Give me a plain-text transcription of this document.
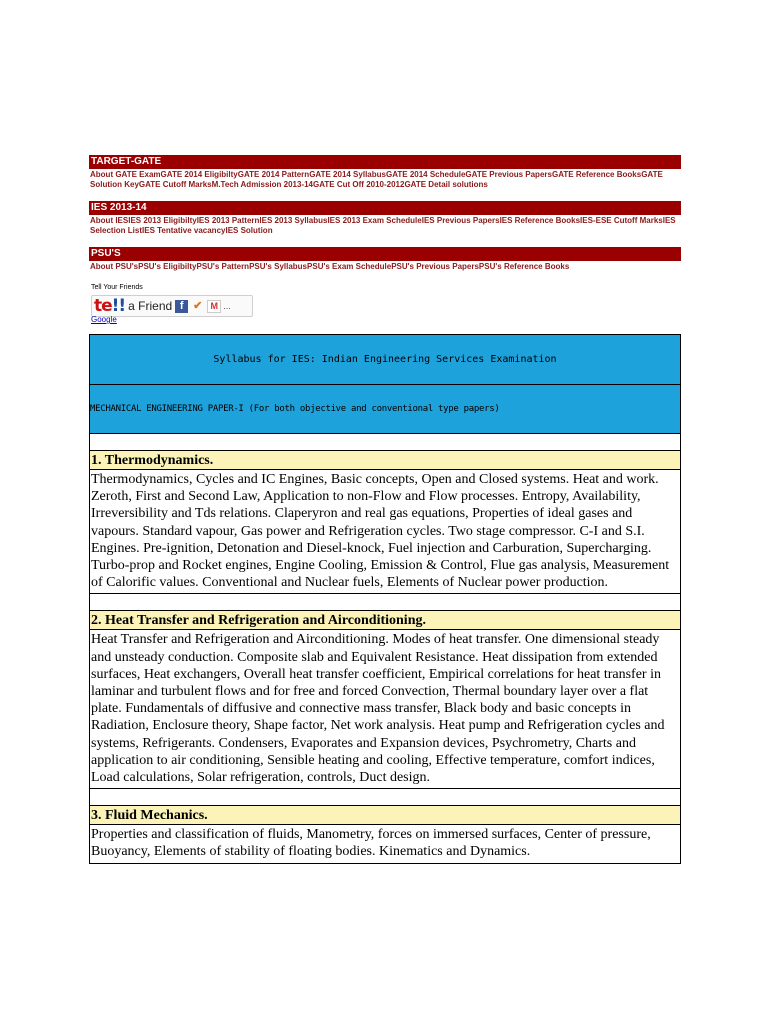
TARGET-GATE
About GATE ExamGATE 2014 EligibiltyGATE 2014 PatternGATE 2014 SyllabusGATE 2014 ScheduleGATE Previous PapersGATE Reference BooksGATE Solution KeyGATE Cutoff MarksM.Tech Admission 2013-14GATE Cut Off 2010-2012GATE Detail solutions
IES 2013-14
About IESIES 2013 EligibiltyIES 2013 PatternIES 2013 SyllabusIES 2013 Exam ScheduleIES Previous PapersIES Reference BooksIES-ESE Cutoff MarksIES Selection ListIES Tentative vacancyIES Solution
PSU'S
About PSU'sPSU's EligibiltyPSU's PatternPSU's SyllabusPSU's Exam SchedulePSU's Previous PapersPSU's Reference Books
Tell Your Friends
te!! a Friend f ✔ M ...
Google
Syllabus for IES: Indian Engineering Services Examination
MECHANICAL ENGINEERING PAPER-I (For both objective and conventional type papers)
1. Thermodynamics.
Thermodynamics, Cycles and IC Engines, Basic concepts, Open and Closed systems. Heat and work. Zeroth, First and Second Law, Application to non-Flow and Flow processes. Entropy, Availability, Irreversibility and Tds relations. Claperyron and real gas equations, Properties of ideal gases and vapours. Standard vapour, Gas power and Refrigeration cycles. Two stage compressor. C-I and S.I. Engines. Pre-ignition, Detonation and Diesel-knock, Fuel injection and Carburation, Supercharging. Turbo-prop and Rocket engines, Engine Cooling, Emission & Control, Flue gas analysis, Measurement of Calorific values. Conventional and Nuclear fuels, Elements of Nuclear power production.
2. Heat Transfer and Refrigeration and Airconditioning.
Heat Transfer and Refrigeration and Airconditioning. Modes of heat transfer. One dimensional steady and unsteady conduction. Composite slab and Equivalent Resistance. Heat dissipation from extended surfaces, Heat exchangers, Overall heat transfer coefficient, Empirical correlations for heat transfer in laminar and turbulent flows and for free and forced Convection, Thermal boundary layer over a flat plate. Fundamentals of diffusive and connective mass transfer, Black body and basic concepts in Radiation, Enclosure theory, Shape factor, Net work analysis. Heat pump and Refrigeration cycles and systems, Refrigerants. Condensers, Evaporates and Expansion devices, Psychrometry, Charts and application to air conditioning, Sensible heating and cooling, Effective temperature, comfort indices, Load calculations, Solar refrigeration, controls, Duct design.
3. Fluid Mechanics.
Properties and classification of fluids, Manometry, forces on immersed surfaces, Center of pressure, Buoyancy, Elements of stability of floating bodies. Kinematics and Dynamics.
